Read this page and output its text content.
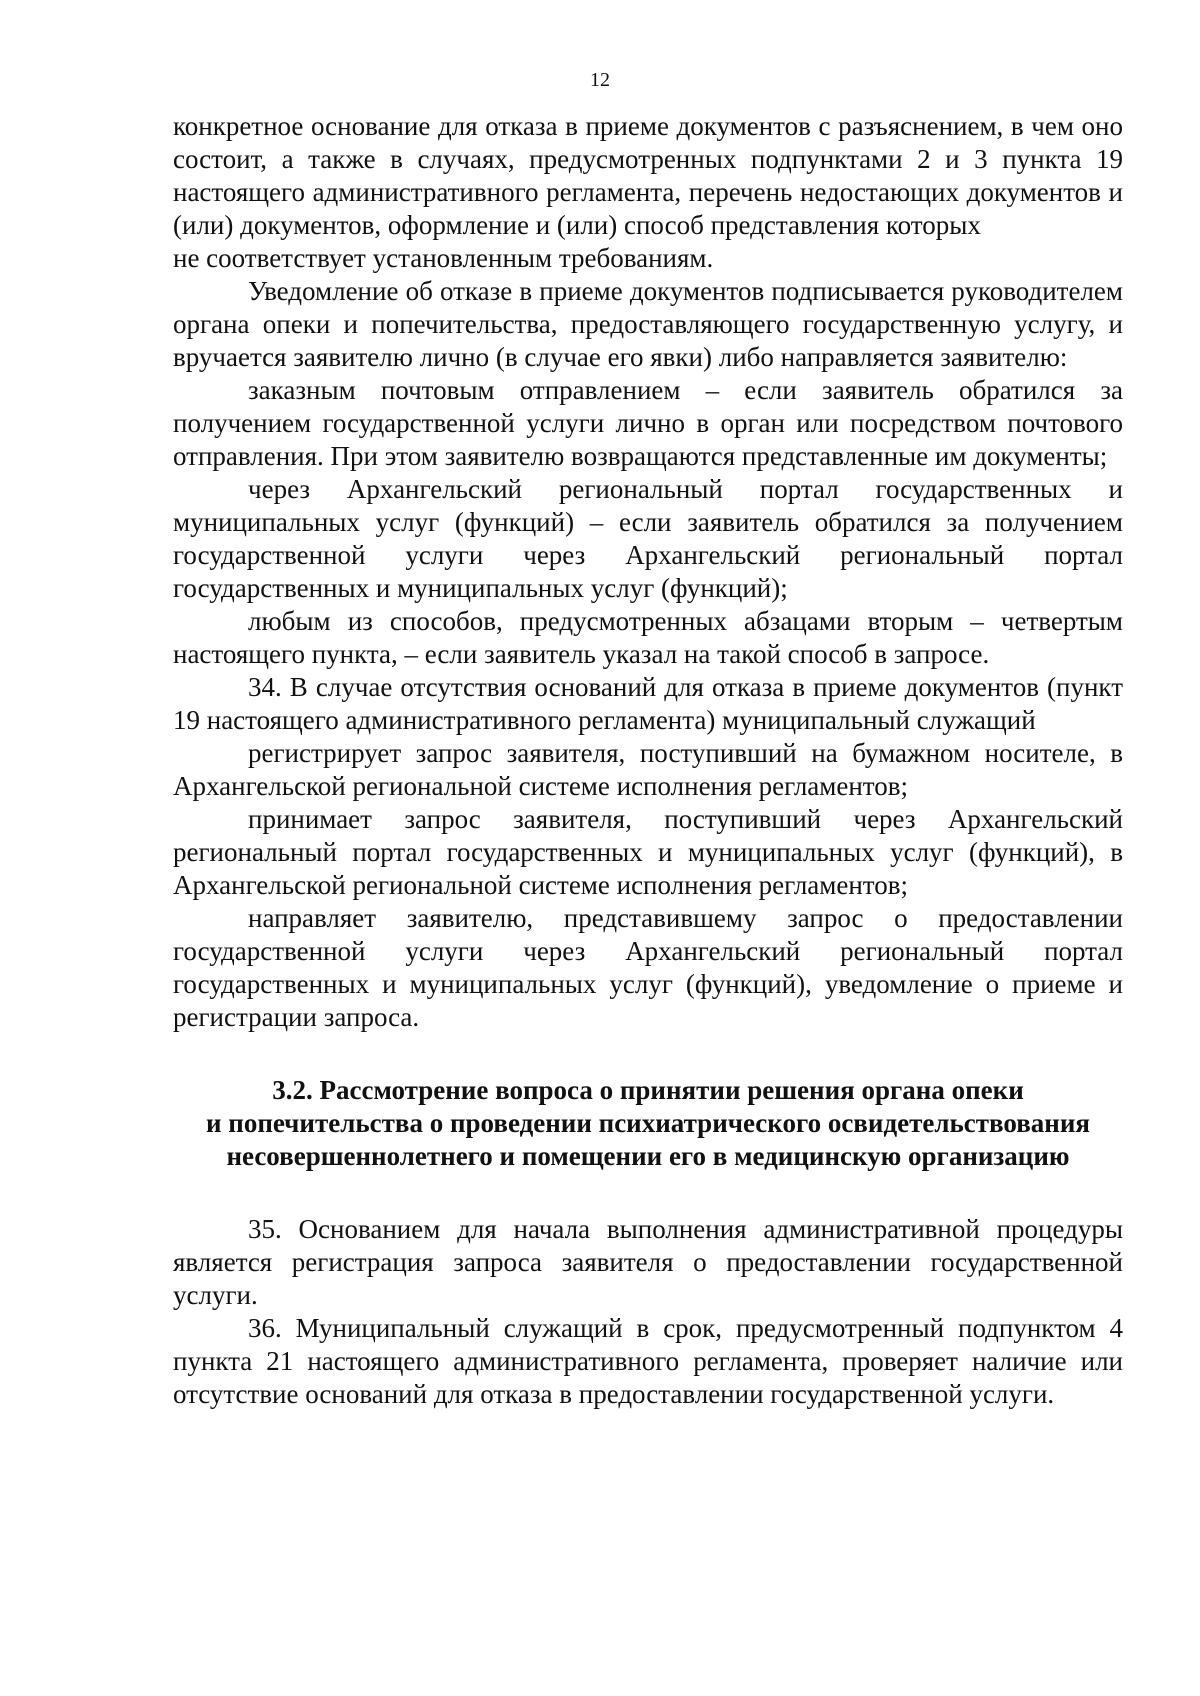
12

конкретное основание для отказа в приеме документов с разъяснением, в чем оно состоит, а также в случаях, предусмотренных подпунктами 2 и 3 пункта 19 настоящего административного регламента, перечень недостающих документов и (или) документов, оформление и (или) способ представления которых

не соответствует установленным требованиям.

Уведомление об отказе в приеме документов подписывается руководителем органа опеки и попечительства, предоставляющего государственную услугу, и вручается заявителю лично (в случае его явки) либо направляется заявителю:

заказным почтовым отправлением – если заявитель обратился за получением государственной услуги лично в орган или посредством почтового отправления. При этом заявителю возвращаются представленные им документы;

через Архангельский региональный портал государственных и муниципальных услуг (функций) – если заявитель обратился за получением государственной услуги через Архангельский региональный портал государственных и муниципальных услуг (функций);

любым из способов, предусмотренных абзацами вторым – четвертым настоящего пункта, – если заявитель указал на такой способ в запросе.

34. В случае отсутствия оснований для отказа в приеме документов (пункт 19 настоящего административного регламента) муниципальный служащий

регистрирует запрос заявителя, поступивший на бумажном носителе, в Архангельской региональной системе исполнения регламентов;

принимает запрос заявителя, поступивший через Архангельский региональный портал государственных и муниципальных услуг (функций), в Архангельской региональной системе исполнения регламентов;

направляет заявителю, представившему запрос о предоставлении государственной услуги через Архангельский региональный портал государственных и муниципальных услуг (функций), уведомление о приеме и регистрации запроса.

3.2. Рассмотрение вопроса о принятии решения органа опеки
и попечительства о проведении психиатрического освидетельствования
несовершеннолетнего и помещении его в медицинскую организацию

35. Основанием для начала выполнения административной процедуры является регистрация запроса заявителя о предоставлении государственной услуги.

36. Муниципальный служащий в срок, предусмотренный подпунктом 4 пункта 21 настоящего административного регламента, проверяет наличие или отсутствие оснований для отказа в предоставлении государственной услуги.
